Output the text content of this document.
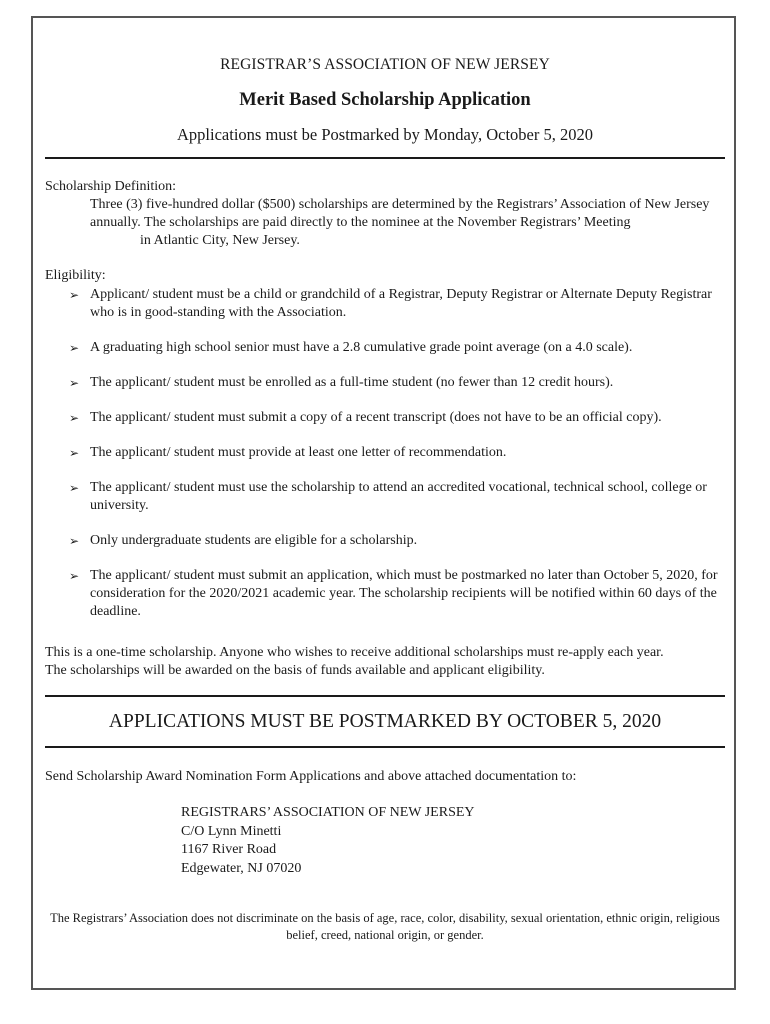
REGISTRAR’S ASSOCIATION OF NEW JERSEY
Merit Based Scholarship Application
Applications must be Postmarked by Monday, October 5, 2020
Scholarship Definition:
Three (3) five-hundred dollar ($500) scholarships are determined by the Registrars’ Association of New Jersey annually. The scholarships are paid directly to the nominee at the November Registrars’ Meeting
in Atlantic City, New Jersey.
Eligibility:
➢ Applicant/ student must be a child or grandchild of a Registrar, Deputy Registrar or Alternate Deputy Registrar who is in good-standing with the Association.
➢ A graduating high school senior must have a 2.8 cumulative grade point average (on a 4.0 scale).
➢ The applicant/ student must be enrolled as a full-time student (no fewer than 12 credit hours).
➢ The applicant/ student must submit a copy of a recent transcript (does not have to be an official copy).
➢ The applicant/ student must provide at least one letter of recommendation.
➢ The applicant/ student must use the scholarship to attend an accredited vocational, technical school, college or university.
➢ Only undergraduate students are eligible for a scholarship.
➢ The applicant/ student must submit an application, which must be postmarked no later than October 5, 2020, for consideration for the 2020/2021 academic year. The scholarship recipients will be notified within 60 days of the deadline.
This is a one-time scholarship. Anyone who wishes to receive additional scholarships must re-apply each year.
The scholarships will be awarded on the basis of funds available and applicant eligibility.
APPLICATIONS MUST BE POSTMARKED BY OCTOBER 5, 2020
Send Scholarship Award Nomination Form Applications and above attached documentation to:
REGISTRARS’ ASSOCIATION OF NEW JERSEY
C/O Lynn Minetti
1167 River Road
Edgewater, NJ 07020
The Registrars’ Association does not discriminate on the basis of age, race, color, disability, sexual orientation, ethnic origin, religious belief, creed, national origin, or gender.
